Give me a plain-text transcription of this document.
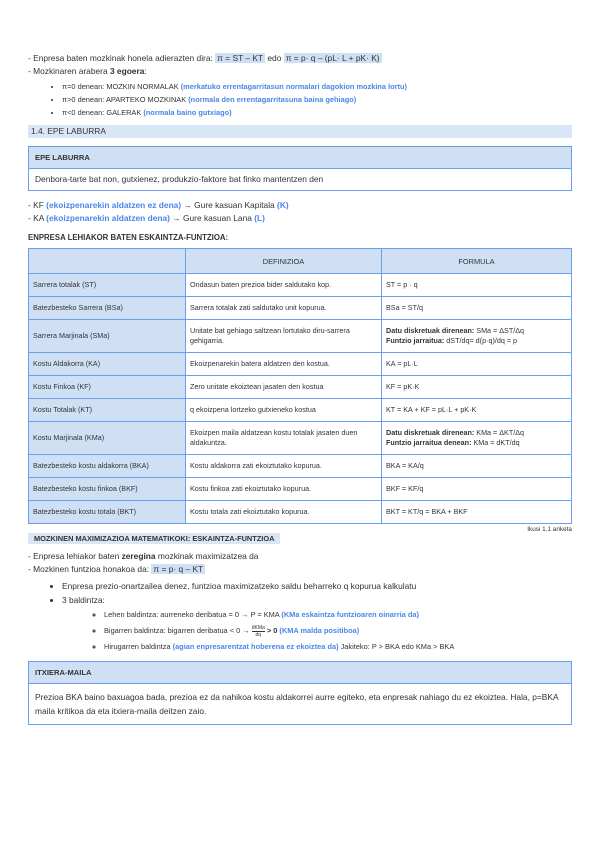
- Enpresa baten mozkinak honela adierazten dira: π = ST – KT edo π = p· q – (pL· L + pK· K)
- Mozkinaren arabera 3 egoera:
• π=0 denean: MOZKIN NORMALAK (merkatuko errentagarritasun normalari dagokion mozkina lortu)
• π>0 denean: APARTEKO MOZKINAK (normala den errentagarritasuna baina gehiago)
• π<0 denean: GALERAK (normala baino gutxiago)
1.4. EPE LABURRA
EPE LABURRA
Denbora-tarte bat non, gutxienez, produkzio-faktore bat finko mantentzen den
- KF (ekoizpenarekin aldatzen ez dena) → Gure kasuan Kapitala (K)
- KA (ekoizpenarekin aldatzen dena) → Gure kasuan Lana (L)
ENPRESA LEHIAKOR BATEN ESKAINTZA-FUNTZIOA:
	DEFINIZIOA	FORMULA
Sarrera totalak (ST)	Ondasun baten prezioa bider saldutako kop.	ST = p · q
Batezbesteko Sarrera (BSa)	Sarrera totalak zati saldutako unit kopurua.	BSa = ST/q
Sarrera Marjinala (SMa)	Unitate bat gehiago saltzean lortutako diru-sarrera gehigarria.	Datu diskretuak direnean: SMa = ΔST/Δq
Funtzio jarraitua: dST/dq= d(p·q)/dq = p
Kostu Aldakorra (KA)	Ekoizpenarekin batera aldatzen den kostua.	KA = pL·L
Kostu Finkoa (KF)	Zero unitate ekoiztean jasaten den kostua	KF = pK·K
Kostu Totalak (KT)	q ekoizpena lortzeko gutxieneko kostua	KT = KA + KF = pL·L + pK·K
Kostu Marjinala (KMa)	Ekoizpen maila aldatzean kostu totalak jasaten duen aldakuntza.	Datu diskretuak direnean: KMa = ΔKT/Δq
Funtzio jarraitua denean: KMa = dKT/dq
Batezbesteko kostu aldakorra (BKA)	Kostu aldakorra zati ekoiztutako kopurua.	BKA = KA/q
Batezbesteko kostu finkoa (BKF)	Kostu finkoa zati ekoiztutako kopurua.	BKF = KF/q
Batezbesteko kostu totala (BKT)	Kostu totala zati ekoiztutako kopurua.	BKT = KT/q = BKA + BKF
Ikusi 1.1 ariketa
MOZKINEN MAXIMIZAZIOA MATEMATIKOKI: ESKAINTZA-FUNTZIOA
- Enpresa lehiakor baten zeregina mozkinak maximizatzea da
- Mozkinen funtzioa honakoa da: π = p· q – KT
• Enpresa prezio-onartzailea denez, funtzioa maximizatzeko saldu beharreko q kopurua kalkulatu
• 3 baldintza:
◦ Lehen baldintza: aurreneko deribatua = 0 → P = KMA (KMa eskaintza funtzioaren oinarria da)
◦ Bigarren baldintza: bigarren deribatua < $0 \to \frac{\text{dKMa}}{dq} > 0$ (KMA malda positiboa)
◦ Hirugarren baldintza (agian enpresarentzat hoberena ez ekoiztea da) Jakiteko: P > BKA edo KMa > BKA
ITXIERA-MAILA
Prezioa BKA baino baxuagoa bada, prezioa ez da nahikoa kostu aldakorrei aurre egiteko, eta enpresak nahiago du ez ekoiztea. Hala, p=BKA maila kritikoa da eta itxiera-maila deitzen zaio.
